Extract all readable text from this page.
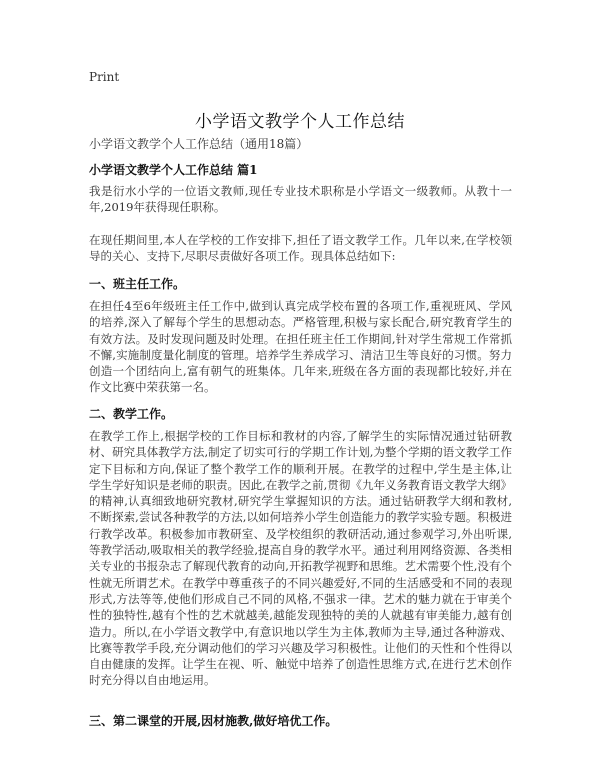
Print
小学语文教学个人工作总结
小学语文教学个人工作总结（通用18篇）
小学语文教学个人工作总结 篇1

我是衍水小学的一位语文教师,现任专业技术职称是小学语文一级教师。从教十一年,2019年获得现任职称。

在现任期间里,本人在学校的工作安排下,担任了语文教学工作。几年以来,在学校领导的关心、支持下,尽职尽责做好各项工作。现具体总结如下:

一、班主任工作。

在担任4至6年级班主任工作中,做到认真完成学校布置的各项工作,重视班风、学风的培养,深入了解每个学生的思想动态。严格管理,积极与家长配合,研究教育学生的有效方法。及时发现问题及时处理。在担任班主任工作期间,针对学生常规工作常抓不懈,实施制度量化制度的管理。培养学生养成学习、清洁卫生等良好的习惯。努力创造一个团结向上,富有朝气的班集体。几年来,班级在各方面的表现都比较好,并在作文比赛中荣获第一名。

二、教学工作。

在教学工作上,根据学校的工作目标和教材的内容,了解学生的实际情况通过钻研教材、研究具体教学方法,制定了切实可行的学期工作计划,为整个学期的语文教学工作定下目标和方向,保证了整个教学工作的顺利开展。在教学的过程中,学生是主体,让学生学好知识是老师的职责。因此,在教学之前,贯彻《九年义务教育语文教学大纲》的精神,认真细致地研究教材,研究学生掌握知识的方法。通过钻研教学大纲和教材,不断探索,尝试各种教学的方法,以如何培养小学生创造能力的教学实验专题。积极进行教学改革。积极参加市教研室、及学校组织的教研活动,通过参观学习,外出听课,等教学活动,吸取相关的教学经验,提高自身的教学水平。通过利用网络资源、各类相关专业的书报杂志了解现代教育的动向,开拓教学视野和思维。艺术需要个性,没有个性就无所谓艺术。在教学中尊重孩子的不同兴趣爱好,不同的生活感受和不同的表现形式,方法等等,使他们形成自己不同的风格,不强求一律。艺术的魅力就在于审美个性的独特性,越有个性的艺术就越美,越能发现独特的美的人就越有审美能力,越有创造力。所以,在小学语文教学中,有意识地以学生为主体,教师为主导,通过各种游戏、比赛等教学手段,充分调动他们的学习兴趣及学习积极性。让他们的天性和个性得以自由健康的发挥。让学生在视、听、触觉中培养了创造性思维方式,在进行艺术创作时充分得以自由地运用。

三、第二课堂的开展,因材施教,做好培优工作。
